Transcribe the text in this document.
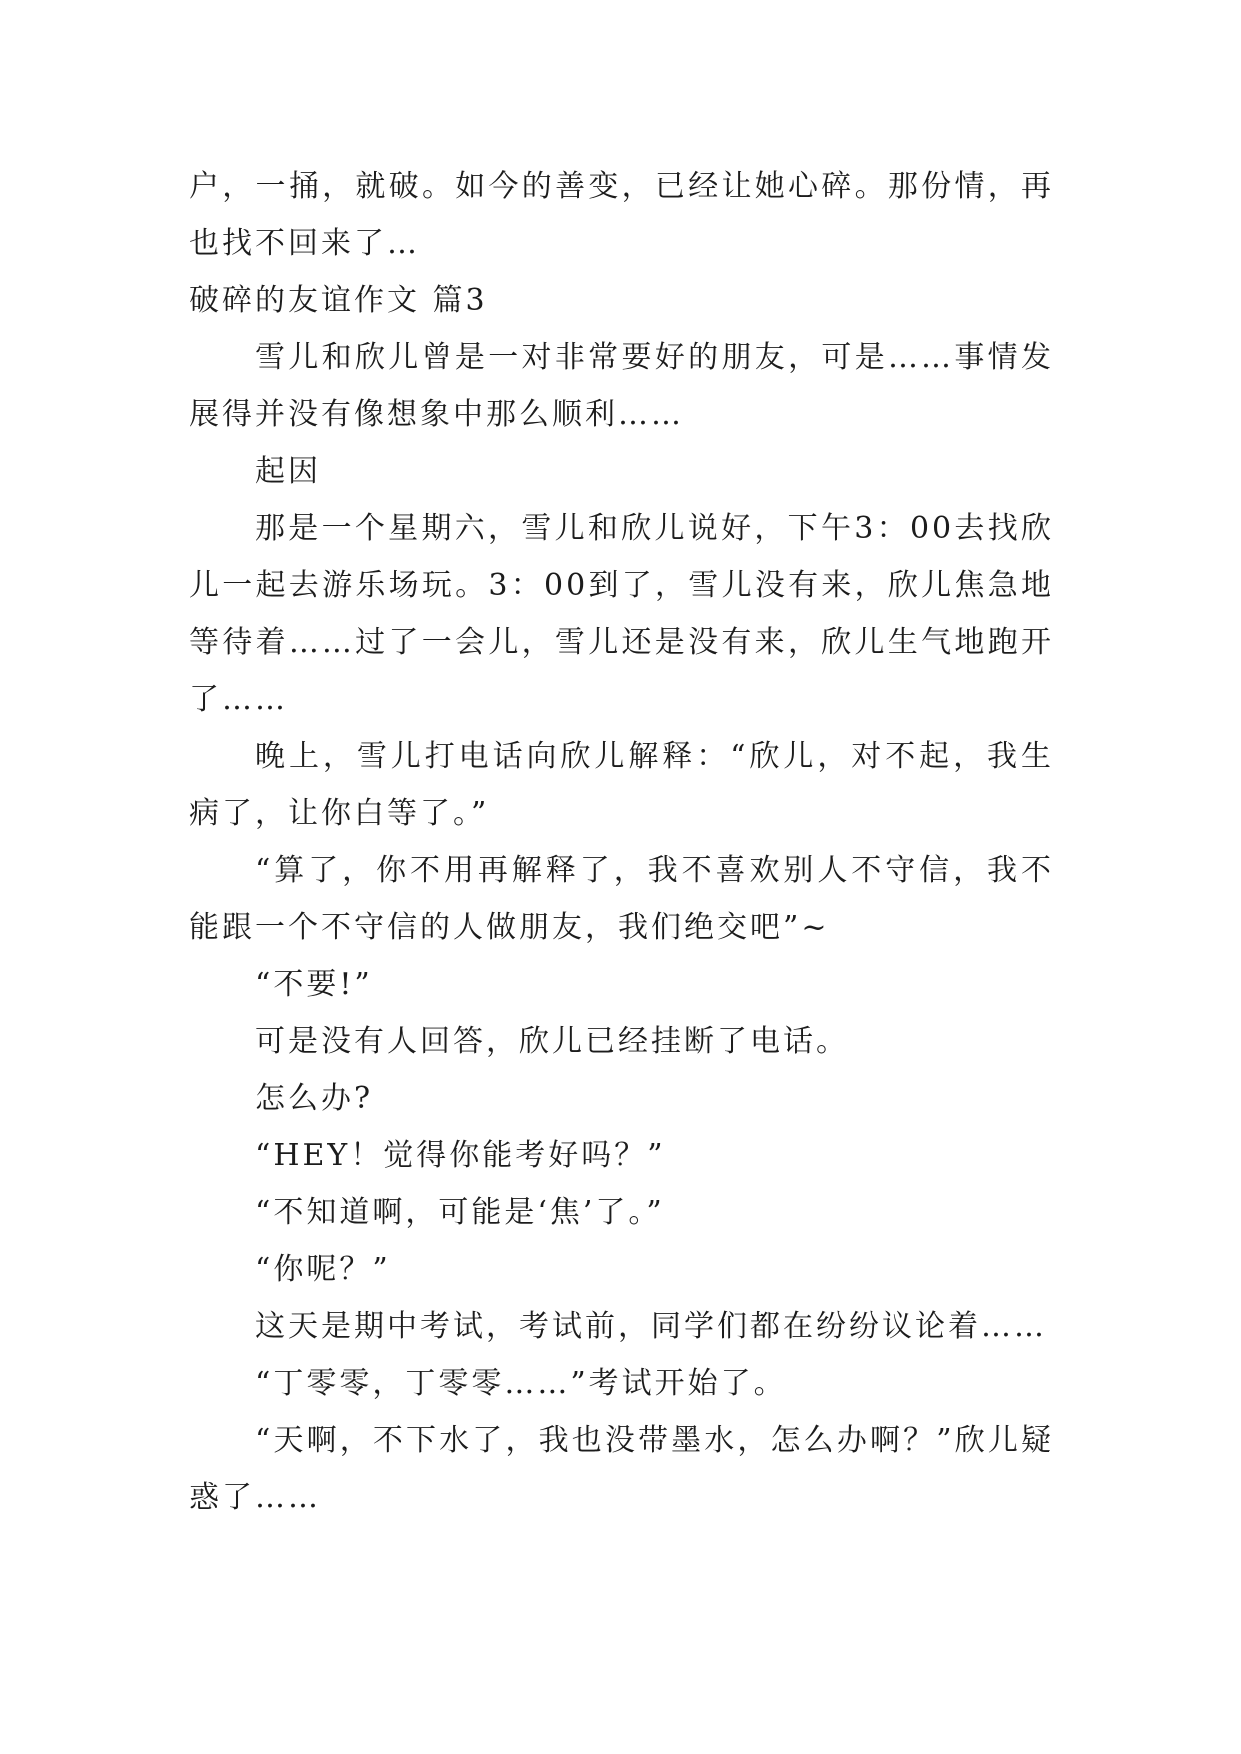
户，一捅，就破。如今的善变，已经让她心碎。那份情，再也找不回来了…

破碎的友谊作文 篇3

雪儿和欣儿曾是一对非常要好的朋友，可是……事情发展得并没有像想象中那么顺利……

起因

那是一个星期六，雪儿和欣儿说好，下午3：00去找欣儿一起去游乐场玩。3：00到了，雪儿没有来，欣儿焦急地等待着……过了一会儿，雪儿还是没有来，欣儿生气地跑开了……

晚上，雪儿打电话向欣儿解释：“欣儿，对不起，我生病了，让你白等了。”

“算了，你不用再解释了，我不喜欢别人不守信，我不能跟一个不守信的人做朋友，我们绝交吧”~

“不要!”

可是没有人回答，欣儿已经挂断了电话。

怎么办?

“HEY！觉得你能考好吗？”

“不知道啊，可能是‘焦’了。”

“你呢？”

这天是期中考试，考试前，同学们都在纷纷议论着……

“丁零零，丁零零……”考试开始了。

“天啊，不下水了，我也没带墨水，怎么办啊？”欣儿疑惑了……
